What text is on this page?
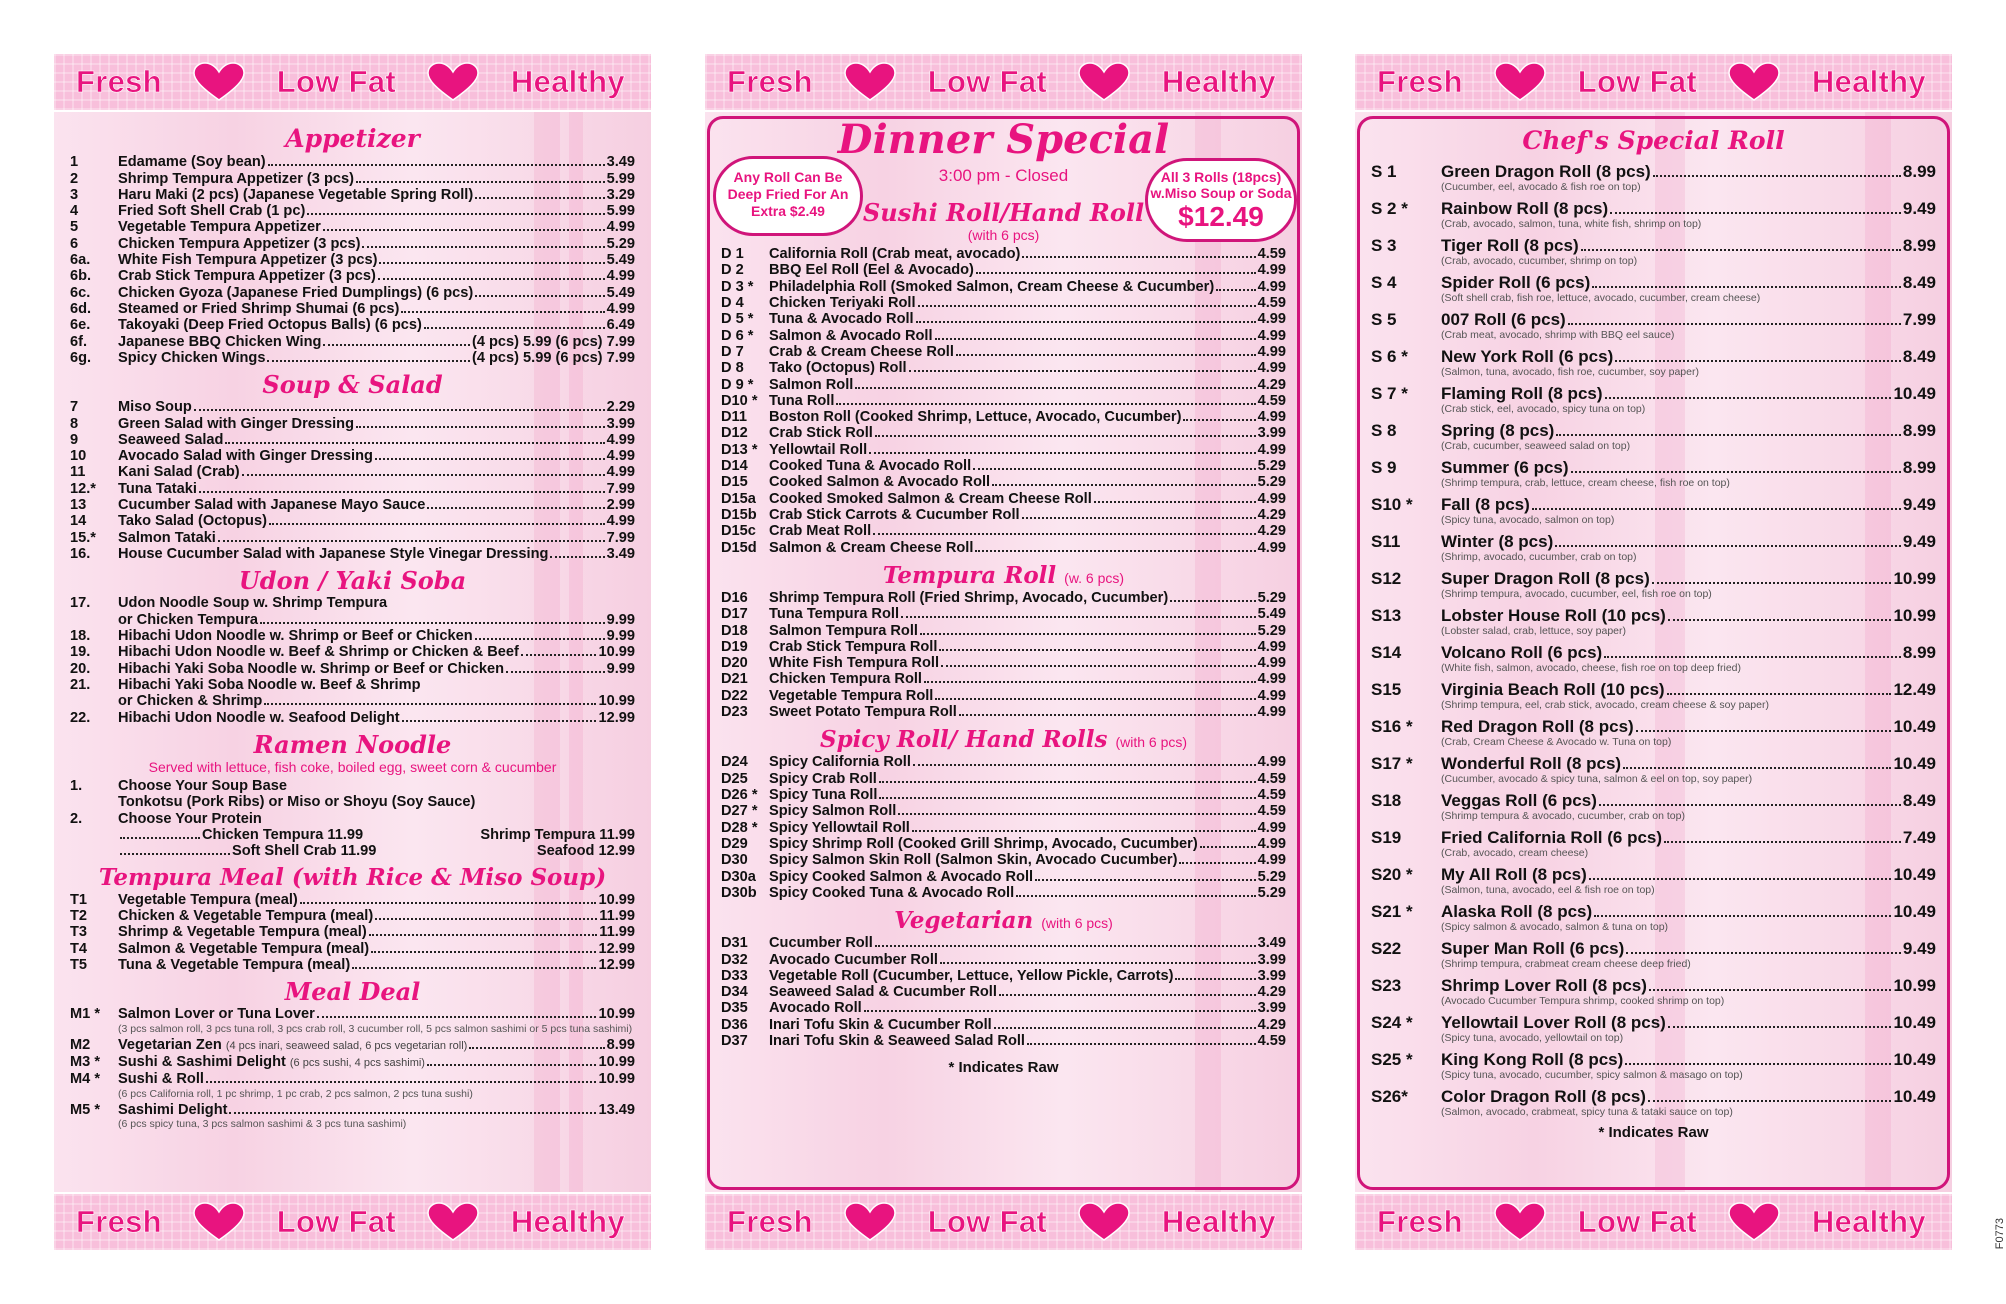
Fresh	Low Fat	Healthy
Appetizer
1	Edamame (Soy bean)	3.49
2	Shrimp Tempura Appetizer (3 pcs)	5.99
3	Haru Maki (2 pcs) (Japanese Vegetable Spring Roll)	3.29
4	Fried Soft Shell Crab (1 pc)	5.99
5	Vegetable Tempura Appetizer	4.99
6	Chicken Tempura Appetizer (3 pcs)	5.29
6a.	White Fish Tempura Appetizer (3 pcs)	5.49
6b.	Crab Stick Tempura Appetizer (3 pcs)	4.99
6c.	Chicken Gyoza (Japanese Fried Dumplings) (6 pcs)	5.49
6d.	Steamed or Fried Shrimp Shumai (6 pcs)	4.99
6e.	Takoyaki (Deep Fried Octopus Balls) (6 pcs)	6.49
6f.	Japanese BBQ Chicken Wing	(4 pcs) 5.99 (6 pcs) 7.99
6g.	Spicy Chicken Wings	(4 pcs) 5.99 (6 pcs) 7.99
Soup & Salad
7	Miso Soup	2.29
8	Green Salad with Ginger Dressing	3.99
9	Seaweed Salad	4.99
10	Avocado Salad with Ginger Dressing	4.99
11	Kani Salad (Crab)	4.99
12.*	Tuna Tataki	7.99
13	Cucumber Salad with Japanese Mayo Sauce	2.99
14	Tako Salad (Octopus)	4.99
15.*	Salmon Tataki	7.99
16.	House Cucumber Salad with Japanese Style Vinegar Dressing	3.49
Udon / Yaki Soba
17.	Udon Noodle Soup w. Shrimp Tempura
or Chicken Tempura	9.99
18.	Hibachi Udon Noodle w. Shrimp or Beef or Chicken	9.99
19.	Hibachi Udon Noodle w. Beef & Shrimp or Chicken & Beef	10.99
20.	Hibachi Yaki Soba Noodle w. Shrimp or Beef or Chicken	9.99
21.	Hibachi Yaki Soba Noodle w. Beef & Shrimp
or Chicken & Shrimp	10.99
22.	Hibachi Udon Noodle w. Seafood Delight	12.99
Ramen Noodle
Served with lettuce, fish coke, boiled egg, sweet corn & cucumber
1.	Choose Your Soup Base
Tonkotsu (Pork Ribs) or Miso or Shoyu (Soy Sauce)
2.	Choose Your Protein
Chicken Tempura 11.99	Shrimp Tempura 11.99
Soft Shell Crab 11.99	Seafood 12.99
Tempura Meal (with Rice & Miso Soup)
T1	Vegetable Tempura (meal)	10.99
T2	Chicken & Vegetable Tempura (meal)	11.99
T3	Shrimp & Vegetable Tempura (meal)	11.99
T4	Salmon & Vegetable Tempura (meal)	12.99
T5	Tuna & Vegetable Tempura (meal)	12.99
Meal Deal
M1 *	Salmon Lover or Tuna Lover	10.99
(3 pcs salmon roll, 3 pcs tuna roll, 3 pcs crab roll, 3 cucumber roll, 5 pcs salmon sashimi or 5 pcs tuna sashimi)
M2	Vegetarian Zen (4 pcs inari, seaweed salad, 6 pcs vegetarian roll)	8.99
M3 *	Sushi & Sashimi Delight (6 pcs sushi, 4 pcs sashimi)	10.99
M4 *	Sushi & Roll	10.99
(6 pcs California roll, 1 pc shrimp, 1 pc crab, 2 pcs salmon, 2 pcs tuna sushi)
M5 *	Sashimi Delight	13.49
(6 pcs spicy tuna, 3 pcs salmon sashimi & 3 pcs tuna sashimi)
Fresh	Low Fat	Healthy
Fresh	Low Fat	Healthy
Any Roll Can Be Deep Fried For An Extra $2.49
All 3 Rolls (18pcs) w.Miso Soup or Soda
$12.49
Dinner Special
3:00 pm - Closed
Sushi Roll/Hand Roll
(with 6 pcs)
D 1	California Roll (Crab meat, avocado)	4.59
D 2	BBQ Eel Roll (Eel & Avocado)	4.99
D 3 *	Philadelphia Roll (Smoked Salmon, Cream Cheese & Cucumber)	4.99
D 4	Chicken Teriyaki Roll	4.59
D 5 *	Tuna & Avocado Roll	4.99
D 6 *	Salmon & Avocado Roll	4.99
D 7	Crab & Cream Cheese Roll	4.99
D 8	Tako (Octopus) Roll	4.99
D 9 *	Salmon Roll	4.29
D10 * Tuna Roll	4.59
D11	Boston Roll (Cooked Shrimp, Lettuce, Avocado, Cucumber)	4.99
D12	Crab Stick Roll	3.99
D13 * Yellowtail Roll	4.99
D14	Cooked Tuna & Avocado Roll	5.29
D15	Cooked Salmon & Avocado Roll	5.29
D15a Cooked Smoked Salmon & Cream Cheese Roll	4.99
D15b Crab Stick Carrots & Cucumber Roll	4.29
D15c Crab Meat Roll	4.29
D15d Salmon & Cream Cheese Roll	4.99
Tempura Roll (w. 6 pcs)
D16	Shrimp Tempura Roll (Fried Shrimp, Avocado, Cucumber)	5.29
D17	Tuna Tempura Roll	5.49
D18	Salmon Tempura Roll	5.29
D19	Crab Stick Tempura Roll	4.99
D20	White Fish Tempura Roll	4.99
D21	Chicken Tempura Roll	4.99
D22	Vegetable Tempura Roll	4.99
D23	Sweet Potato Tempura Roll	4.99
Spicy Roll/ Hand Rolls (with 6 pcs)
D24	Spicy California Roll	4.99
D25	Spicy Crab Roll	4.59
D26 * Spicy Tuna Roll	4.59
D27 * Spicy Salmon Roll	4.59
D28 * Spicy Yellowtail Roll	4.99
D29	Spicy Shrimp Roll (Cooked Grill Shrimp, Avocado, Cucumber)	4.99
D30	Spicy Salmon Skin Roll (Salmon Skin, Avocado Cucumber)	4.99
D30a Spicy Cooked Salmon & Avocado Roll	5.29
D30b Spicy Cooked Tuna & Avocado Roll	5.29
Vegetarian (with 6 pcs)
D31	Cucumber Roll	3.49
D32	Avocado Cucumber Roll	3.99
D33	Vegetable Roll (Cucumber, Lettuce, Yellow Pickle, Carrots)	3.99
D34	Seaweed Salad & Cucumber Roll	4.29
D35	Avocado Roll	3.99
D36	Inari Tofu Skin & Cucumber Roll	4.29
D37	Inari Tofu Skin & Seaweed Salad Roll	4.59
* Indicates Raw
Fresh	Low Fat	Healthy
Fresh	Low Fat	Healthy
Chef's Special Roll
S 1	Green Dragon Roll (8 pcs)	8.99
(Cucumber, eel, avocado & fish roe on top)
S 2 *	Rainbow Roll (8 pcs)	9.49
(Crab, avocado, salmon, tuna, white fish, shrimp on top)
S 3	Tiger Roll (8 pcs)	8.99
(Crab, avocado, cucumber, shrimp on top)
S 4	Spider Roll (6 pcs)	8.49
(Soft shell crab, fish roe, lettuce, avocado, cucumber, cream cheese)
S 5	007 Roll (6 pcs)	7.99
(Crab meat, avocado, shrimp with BBQ eel sauce)
S 6 *	New York Roll (6 pcs)	8.49
(Salmon, tuna, avocado, fish roe, cucumber, soy paper)
S 7 *	Flaming Roll (8 pcs)	10.49
(Crab stick, eel, avocado, spicy tuna on top)
S 8	Spring (8 pcs)	8.99
(Crab, cucumber, seaweed salad on top)
S 9	Summer (6 pcs)	8.99
(Shrimp tempura, crab, lettuce, cream cheese, fish roe on top)
S10 *	Fall (8 pcs)	9.49
(Spicy tuna, avocado, salmon on top)
S11	Winter (8 pcs)	9.49
(Shrimp, avocado, cucumber, crab on top)
S12	Super Dragon Roll (8 pcs)	10.99
(Shrimp tempura, avocado, cucumber, eel, fish roe on top)
S13	Lobster House Roll (10 pcs)	10.99
(Lobster salad, crab, lettuce, soy paper)
S14	Volcano Roll (6 pcs)	8.99
(White fish, salmon, avocado, cheese, fish roe on top deep fried)
S15	Virginia Beach Roll (10 pcs)	12.49
(Shrimp tempura, eel, crab stick, avocado, cream cheese & soy paper)
S16 *	Red Dragon Roll (8 pcs)	10.49
(Crab, Cream Cheese & Avocado w. Tuna on top)
S17 *	Wonderful Roll (8 pcs)	10.49
(Cucumber, avocado & spicy tuna, salmon & eel on top, soy paper)
S18	Veggas Roll (6 pcs)	8.49
(Shrimp tempura & avocado, cucumber, crab on top)
S19	Fried California Roll (6 pcs)	7.49
(Crab, avocado, cream cheese)
S20 *	My All Roll (8 pcs)	10.49
(Salmon, tuna, avocado, eel & fish roe on top)
S21 *	Alaska Roll (8 pcs)	10.49
(Spicy salmon & avocado, salmon & tuna on top)
S22	Super Man Roll (6 pcs)	9.49
(Shrimp tempura, crabmeat cream cheese deep fried)
S23	Shrimp Lover Roll (8 pcs)	10.99
(Avocado Cucumber Tempura shrimp, cooked shrimp on top)
S24 *	Yellowtail Lover Roll (8 pcs)	10.49
(Spicy tuna, avocado, yellowtail on top)
S25 *	King Kong Roll (8 pcs)	10.49
(Spicy tuna, avocado, cucumber, spicy salmon & masago on top)
S26*	Color Dragon Roll (8 pcs)	10.49
(Salmon, avocado, crabmeat, spicy tuna & tataki sauce on top)
* Indicates Raw
Fresh	Low Fat	Healthy	F0773
